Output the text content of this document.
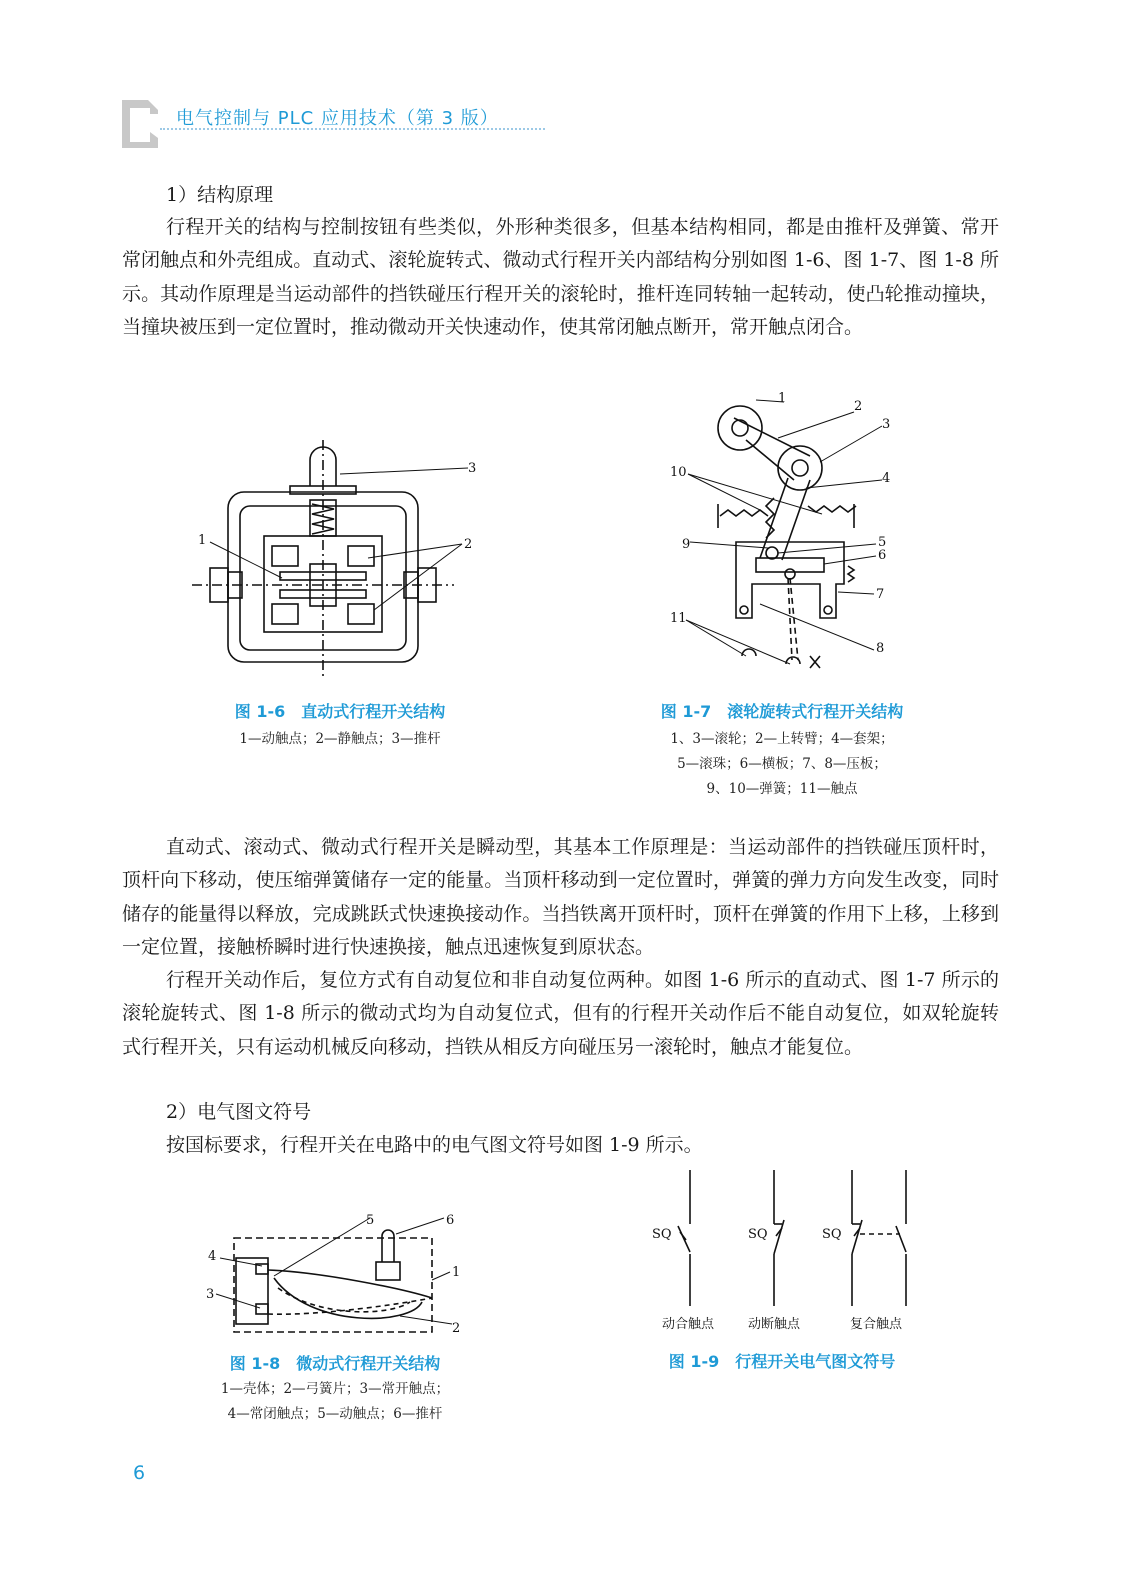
电气控制与 PLC 应用技术（第 3 版）

1）结构原理

行程开关的结构与控制按钮有些类似，外形种类很多，但基本结构相同，都是由推杆及弹簧、常开常闭触点和外壳组成。直动式、滚轮旋转式、微动式行程开关内部结构分别如图 1-6、图 1-7、图 1-8 所示。其动作原理是当运动部件的挡铁碰压行程开关的滚轮时，推杆连同转轴一起转动，使凸轮推动撞块，当撞块被压到一定位置时，推动微动开关快速动作，使其常闭触点断开，常开触点闭合。

3
1	2
图 1-6 直动式行程开关结构
1—动触点；2—静触点；3—推杆
1
2
3
4
5
6
7
8
9
10
11
图 1-7 滚轮旋转式行程开关结构
1、3—滚轮；2—上转臂；4—套架；
5—滚珠；6—横板；7、8—压板；
9、10—弹簧；11—触点

直动式、滚动式、微动式行程开关是瞬动型，其基本工作原理是：当运动部件的挡铁碰压顶杆时，顶杆向下移动，使压缩弹簧储存一定的能量。当顶杆移动到一定位置时，弹簧的弹力方向发生改变，同时储存的能量得以释放，完成跳跃式快速换接动作。当挡铁离开顶杆时，顶杆在弹簧的作用下上移，上移到一定位置，接触桥瞬时进行快速换接，触点迅速恢复到原状态。

行程开关动作后，复位方式有自动复位和非自动复位两种。如图 1-6 所示的直动式、图 1-7 所示的滚轮旋转式、图 1-8 所示的微动式均为自动复位式，但有的行程开关动作后不能自动复位，如双轮旋转式行程开关，只有运动机械反向移动，挡铁从相反方向碰压另一滚轮时，触点才能复位。

2）电气图文符号

按国标要求，行程开关在电路中的电气图文符号如图 1-9 所示。

5	6
4
3
1
2
图 1-8 微动式行程开关结构
1—壳体；2—弓簧片；3—常开触点；
4—常闭触点；5—动触点；6—推杆
SQ	SQ	SQ
动合触点	动断触点	复合触点
图 1-9 行程开关电气图文符号
6
